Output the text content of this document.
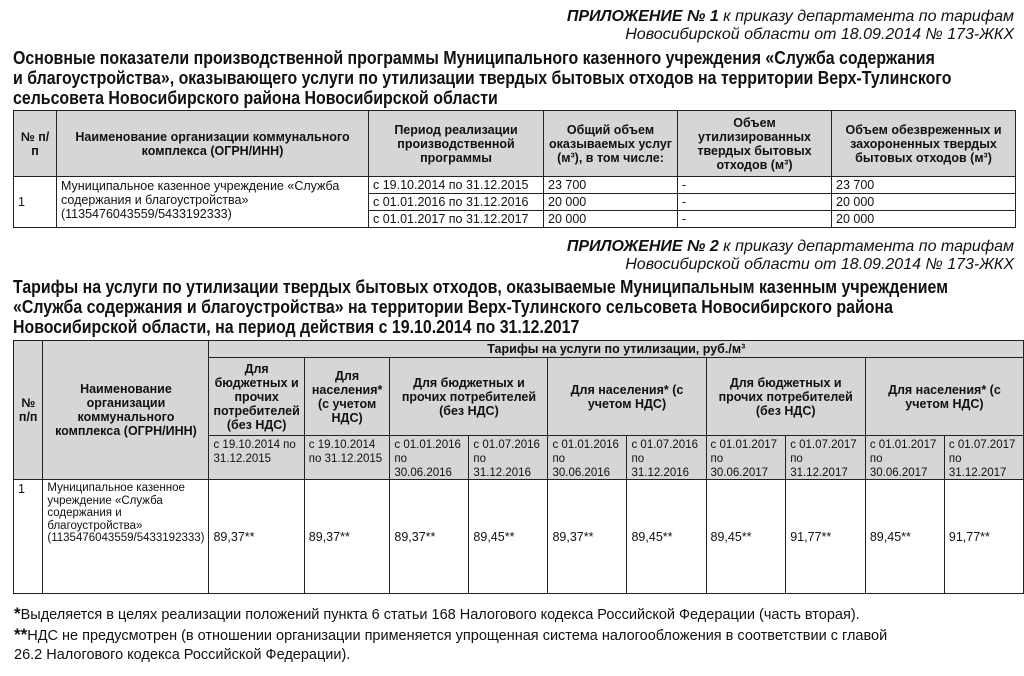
ПРИЛОЖЕНИЕ № 1 к приказу департамента по тарифам
Новосибирской области от 18.09.2014 № 173-ЖКХ
Основные показатели производственной программы Муниципального казенного учреждения «Служба содержания
и благоустройства», оказывающего услуги по утилизации твердых бытовых отходов на территории Верх-Тулинского
сельсовета Новосибирского района Новосибирской области
№ п/п	Наименование организации коммунального комплекса (ОГРН/ИНН)	Период реализации производственной программы	Общий объем оказываемых услуг (м³), в том числе:	Объем утилизированных твердых бытовых отходов (м³)	Объем обезвреженных и захороненных твердых бытовых отходов (м³)
1	Муниципальное казенное учреждение «Служба содержания и благоустройства» (1135476043559/5433192333)	с 19.10.2014 по 31.12.2015	23 700	-	23 700
		с 01.01.2016 по 31.12.2016	20 000	-	20 000
		с 01.01.2017 по 31.12.2017	20 000	-	20 000
ПРИЛОЖЕНИЕ № 2 к приказу департамента по тарифам
Новосибирской области от 18.09.2014 № 173-ЖКХ
Тарифы на услуги по утилизации твердых бытовых отходов, оказываемые Муниципальным казенным учреждением
«Служба содержания и благоустройства» на территории Верх-Тулинского сельсовета Новосибирского района
Новосибирской области, на период действия с 19.10.2014 по 31.12.2017
№ п/п	Наименование организации коммунального комплекса (ОГРН/ИНН)	Тарифы на услуги по утилизации, руб./м³									
		Для бюджетных и прочих потребителей (без НДС)	Для населения* (с учетом НДС)	Для бюджетных и прочих потребителей (без НДС)		Для населения* (с учетом НДС)		Для бюджетных и прочих потребителей (без НДС)		Для населения* (с учетом НДС)	
		с 19.10.2014 по 31.12.2015	с 19.10.2014 по 31.12.2015	с 01.01.2016 по 30.06.2016	с 01.07.2016 по 31.12.2016	с 01.01.2016 по 30.06.2016	с 01.07.2016 по 31.12.2016	с 01.01.2017 по 30.06.2017	с 01.07.2017 по 31.12.2017	с 01.01.2017 по 30.06.2017	с 01.07.2017 по 31.12.2017
1	Муниципальное казенное учреждение «Служба содержания и благоустройства» (1135476043559/5433192333)	89,37**	89,37**	89,37**	89,45**	89,37**	89,45**	89,45**	91,77**	89,45**	91,77**
*Выделяется в целях реализации положений пункта 6 статьи 168 Налогового кодекса Российской Федерации (часть вторая).
**НДС не предусмотрен (в отношении организации применяется упрощенная система налогообложения в соответствии с главой
26.2 Налогового кодекса Российской Федерации).
